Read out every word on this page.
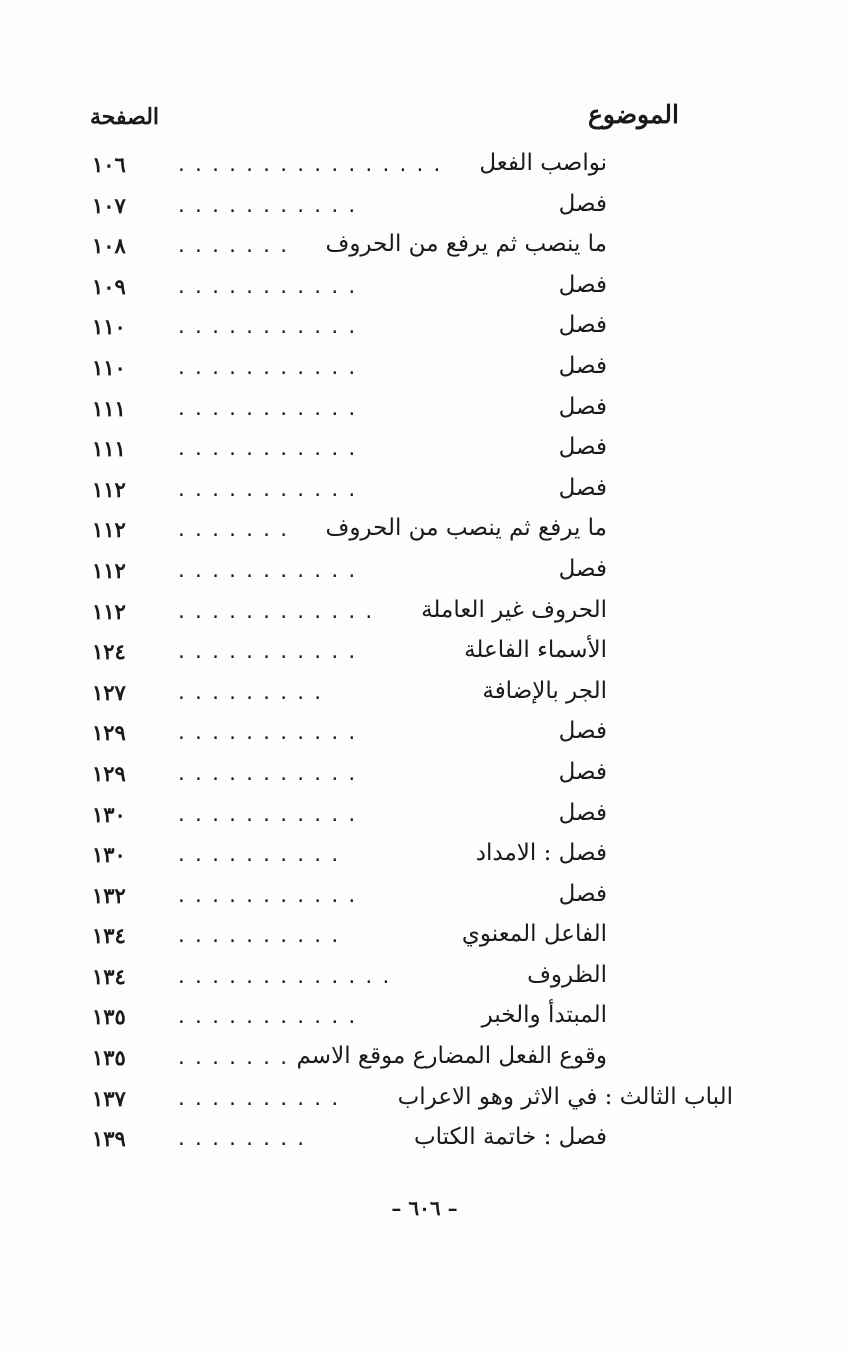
الموضوع
الصفحة
نواصب الفعل
................
١٠٦
فصل
...........
١٠٧
ما ينصب ثم يرفع من الحروف
.......
١٠٨
فصل
...........
١٠٩
فصل
...........
١١٠
فصل
...........
١١٠
فصل
...........
١١١
فصل
...........
١١١
فصل
...........
١١٢
ما يرفع ثم ينصب من الحروف
.......
١١٢
فصل
...........
١١٢
الحروف غير العاملة
............
١١٢
الأسماء الفاعلة
...........
١٢٤
الجر بالإضافة
.........
١٢٧
فصل
...........
١٢٩
فصل
...........
١٢٩
فصل
...........
١٣٠
فصل : الامداد
..........
١٣٠
فصل
...........
١٣٢
الفاعل المعنوي
..........
١٣٤
الظروف
.............
١٣٤
المبتدأ والخبر
...........
١٣٥
وقوع الفعل المضارع موقع الاسم
.......
١٣٥
الباب الثالث : في الاثر وهو الاعراب
..........
١٣٧
فصل : خاتمة الكتاب
........
١٣٩
– ٦٠٦ –
